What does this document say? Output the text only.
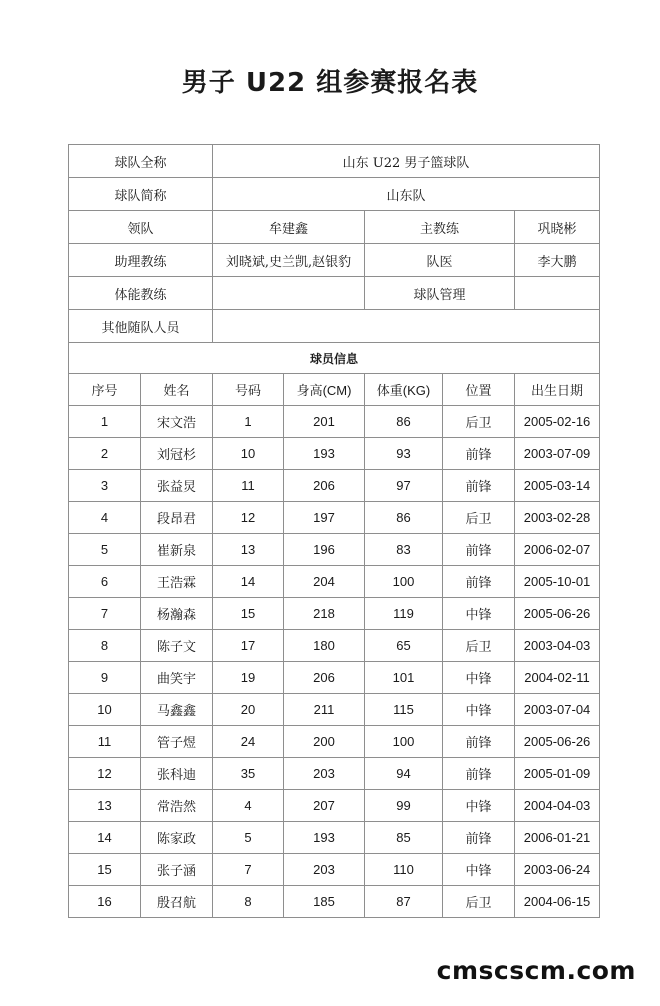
男子 U22 组参赛报名表
球队全称		山东 U22 男子篮球队				
球队简称		山东队				
领队		牟建鑫		主教练		巩晓彬
助理教练		刘晓斌,史兰凯,赵银豹		队医		李大鹏
体能教练				球队管理		
其他随队人员						
球员信息						
序号	姓名	号码	身高(CM)	体重(KG)	位置	出生日期
1	宋文浩	1	201	86	后卫	2005-02-16
2	刘冠杉	10	193	93	前锋	2003-07-09
3	张益炅	11	206	97	前锋	2005-03-14
4	段昂君	12	197	86	后卫	2003-02-28
5	崔新泉	13	196	83	前锋	2006-02-07
6	王浩霖	14	204	100	前锋	2005-10-01
7	杨瀚森	15	218	119	中锋	2005-06-26
8	陈子文	17	180	65	后卫	2003-04-03
9	曲笑宇	19	206	101	中锋	2004-02-11
10	马鑫鑫	20	211	115	中锋	2003-07-04
11	管子煜	24	200	100	前锋	2005-06-26
12	张科迪	35	203	94	前锋	2005-01-09
13	常浩然	4	207	99	中锋	2004-04-03
14	陈家政	5	193	85	前锋	2006-01-21
15	张子涵	7	203	110	中锋	2003-06-24
16	殷召航	8	185	87	后卫	2004-06-15
cmscscm.com
